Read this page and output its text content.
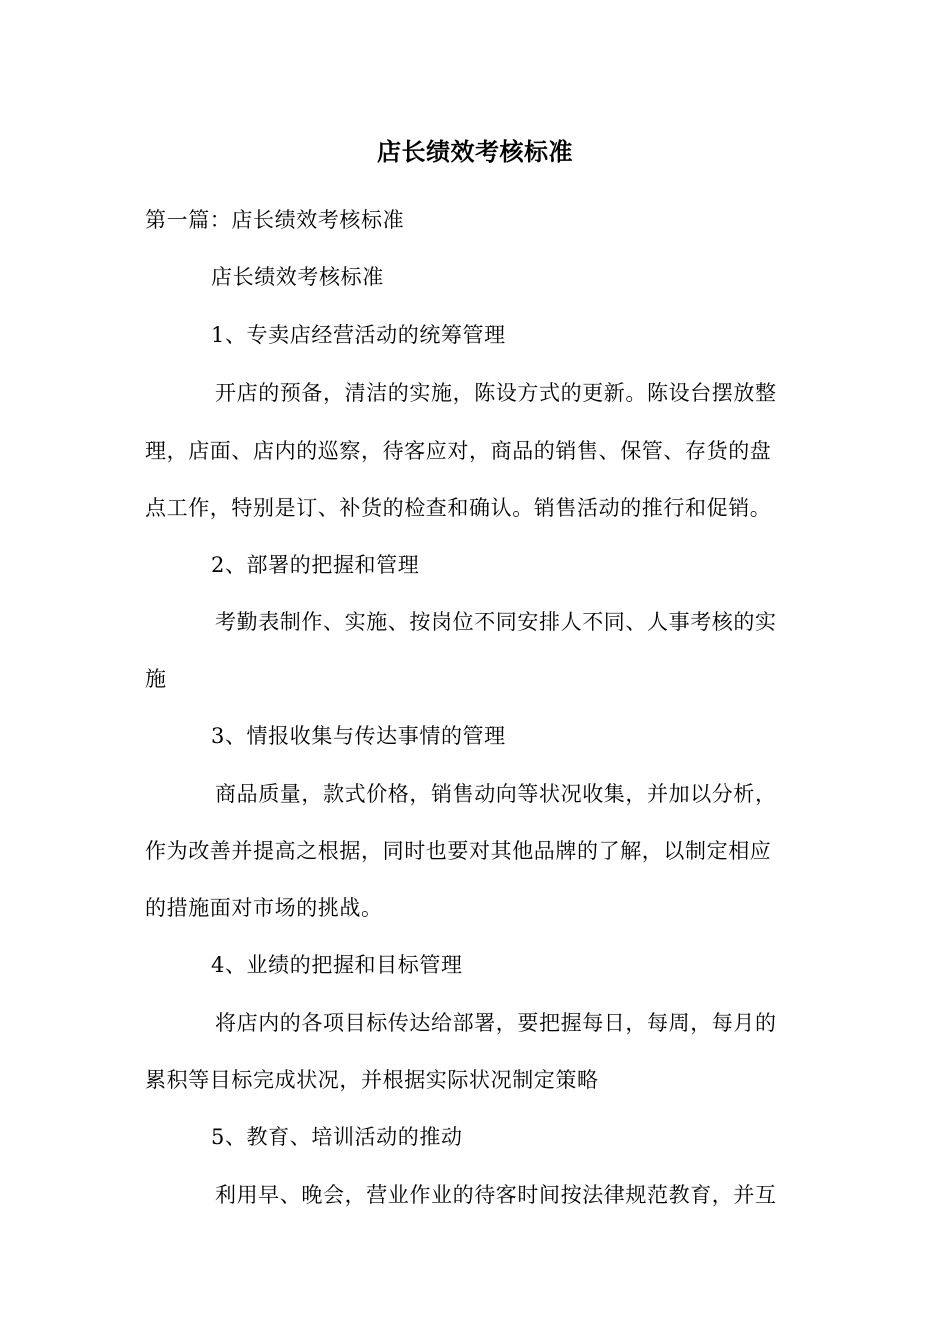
店长绩效考核标准
第一篇：店长绩效考核标准
店长绩效考核标准
1、专卖店经营活动的统筹管理
开店的预备，清洁的实施，陈设方式的更新。陈设台摆放整
理，店面、店内的巡察，待客应对，商品的销售、保管、存货的盘
点工作，特别是订、补货的检查和确认。销售活动的推行和促销。
2、部署的把握和管理
考勤表制作、实施、按岗位不同安排人不同、人事考核的实
施
3、情报收集与传达事情的管理
商品质量，款式价格，销售动向等状况收集，并加以分析，
作为改善并提高之根据，同时也要对其他品牌的了解，以制定相应
的措施面对市场的挑战。
4、业绩的把握和目标管理
将店内的各项目标传达给部署，要把握每日，每周，每月的
累积等目标完成状况，并根据实际状况制定策略
5、教育、培训活动的推动
利用早、晚会，营业作业的待客时间按法律规范教育，并互
